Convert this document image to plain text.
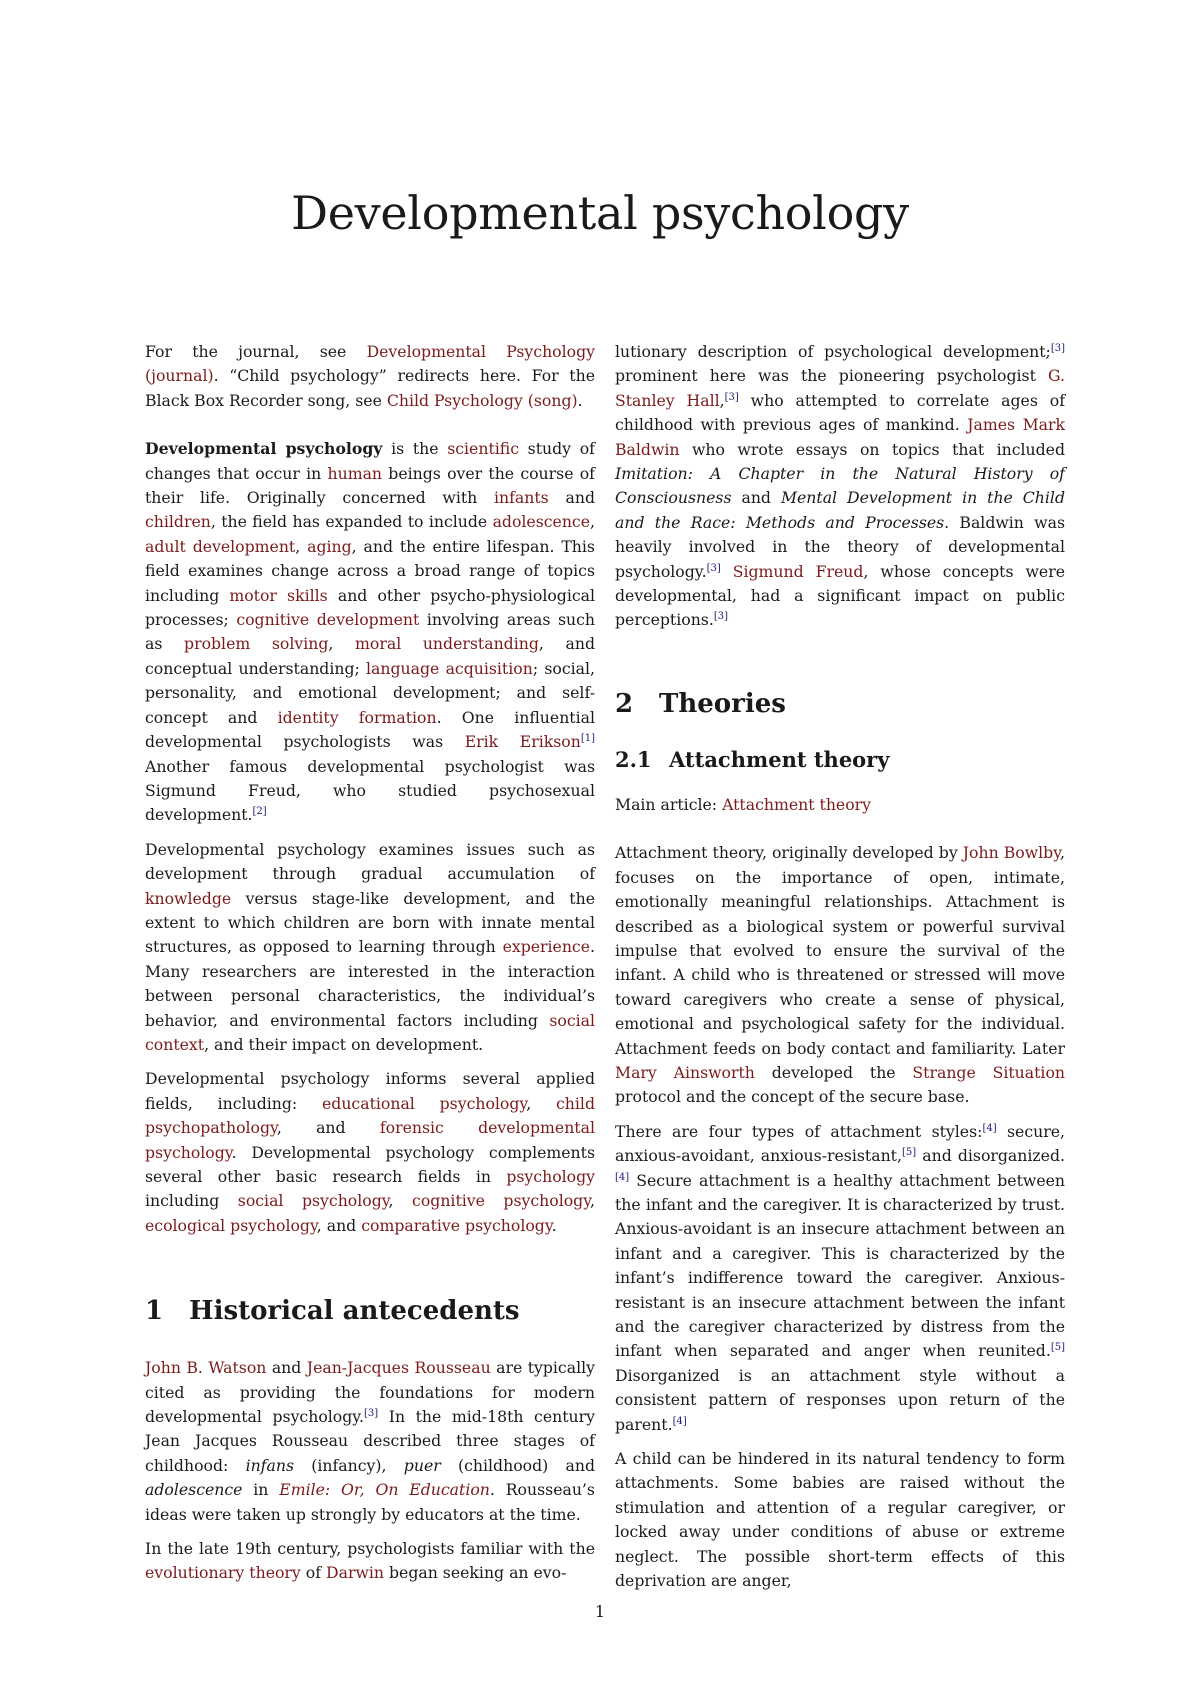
Developmental psychology

For the journal, see Developmental Psychology (journal). “Child psychology” redirects here. For the Black Box Recorder song, see Child Psychology (song).

Developmental psychology is the scientific study of changes that occur in human beings over the course of their life. Originally concerned with infants and children, the field has expanded to include adolescence, adult development, aging, and the entire lifespan. This field examines change across a broad range of topics including motor skills and other psycho-physiological processes; cognitive development involving areas such as problem solving, moral understanding, and conceptual understanding; language acquisition; social, personality, and emotional development; and self-concept and identity formation. One influential developmental psychologists was Erik Erikson[1] Another famous developmental psychologist was Sigmund Freud, who studied psychosexual development.[2]

Developmental psychology examines issues such as development through gradual accumulation of knowledge versus stage-like development, and the extent to which children are born with innate mental structures, as opposed to learning through experience. Many researchers are interested in the interaction between personal characteristics, the individual’s behavior, and environmental factors including social context, and their impact on development.

Developmental psychology informs several applied fields, including: educational psychology, child psychopathology, and forensic developmental psychology. Developmental psychology complements several other basic research fields in psychology including social psychology, cognitive psychology, ecological psychology, and comparative psychology.

1 Historical antecedents

John B. Watson and Jean-Jacques Rousseau are typically cited as providing the foundations for modern developmental psychology.[3] In the mid-18th century Jean Jacques Rousseau described three stages of childhood: infans (infancy), puer (childhood) and adolescence in Emile: Or, On Education. Rousseau’s ideas were taken up strongly by educators at the time.

In the late 19th century, psychologists familiar with the evolutionary theory of Darwin began seeking an evo-

lutionary description of psychological development;[3] prominent here was the pioneering psychologist G. Stanley Hall,[3] who attempted to correlate ages of childhood with previous ages of mankind. James Mark Baldwin who wrote essays on topics that included Imitation: A Chapter in the Natural History of Consciousness and Mental Development in the Child and the Race: Methods and Processes. Baldwin was heavily involved in the theory of developmental psychology.[3] Sigmund Freud, whose concepts were developmental, had a significant impact on public perceptions.[3]

2 Theories
2.1 Attachment theory

Main article: Attachment theory

Attachment theory, originally developed by John Bowlby, focuses on the importance of open, intimate, emotionally meaningful relationships. Attachment is described as a biological system or powerful survival impulse that evolved to ensure the survival of the infant. A child who is threatened or stressed will move toward caregivers who create a sense of physical, emotional and psychological safety for the individual. Attachment feeds on body contact and familiarity. Later Mary Ainsworth developed the Strange Situation protocol and the concept of the secure base.

There are four types of attachment styles:[4] secure, anxious-avoidant, anxious-resistant,[5] and disorganized.[4] Secure attachment is a healthy attachment between the infant and the caregiver. It is characterized by trust. Anxious-avoidant is an insecure attachment between an infant and a caregiver. This is characterized by the infant’s indifference toward the caregiver. Anxious-resistant is an insecure attachment between the infant and the caregiver characterized by distress from the infant when separated and anger when reunited.[5] Disorganized is an attachment style without a consistent pattern of responses upon return of the parent.[4]

A child can be hindered in its natural tendency to form attachments. Some babies are raised without the stimulation and attention of a regular caregiver, or locked away under conditions of abuse or extreme neglect. The possible short-term effects of this deprivation are anger,

1
